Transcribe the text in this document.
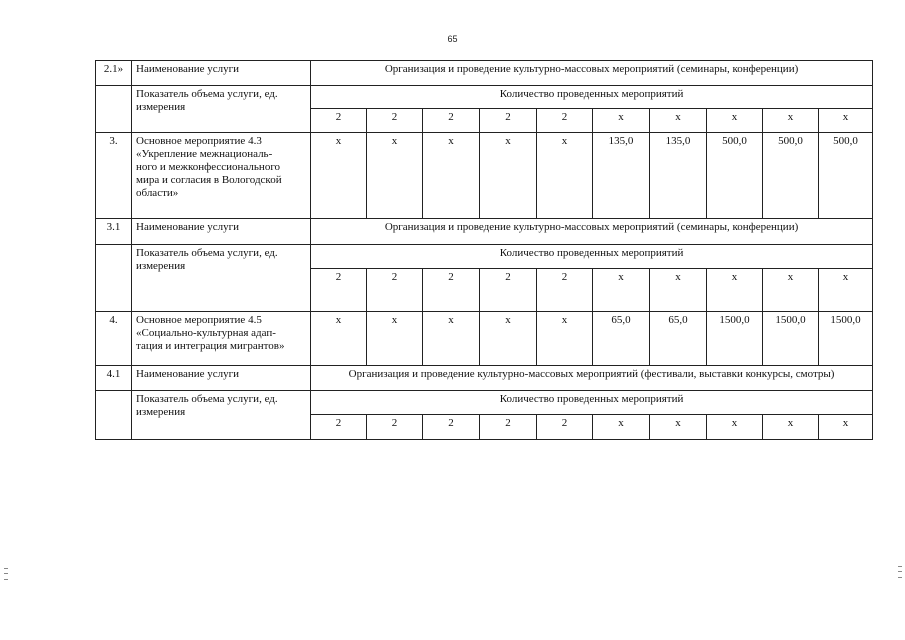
65
2.1»	Наименование услуги	Организация и проведение культурно-массовых мероприятий (семинары, конференции)									
	Показатель объема услуги, ед. измерения	Количество проведенных мероприятий									
		2	2	2	2	2	x	x	x	x	x
3.	Основное мероприятие 4.3
«Укрепление межнациональ-
ного и межконфессионального
мира и согласия в Вологодской
области»	x	x	x	x	x	135,0	135,0	500,0	500,0	500,0
3.1	Наименование услуги	Организация и проведение культурно-массовых мероприятий (семинары, конференции)									
	Показатель объема услуги, ед. измерения	Количество проведенных мероприятий									
		2	2	2	2	2	x	x	x	x	x
4.	Основное мероприятие 4.5
«Социально-культурная адап-
тация и интеграция мигрантов»	x	x	x	x	x	65,0	65,0	1500,0	1500,0	1500,0
4.1	Наименование услуги	Организация и проведение культурно-массовых мероприятий (фестивали, выставки конкурсы, смотры)									
	Показатель объема услуги, ед. измерения	Количество проведенных мероприятий									
		2	2	2	2	2	x	x	x	x	x
